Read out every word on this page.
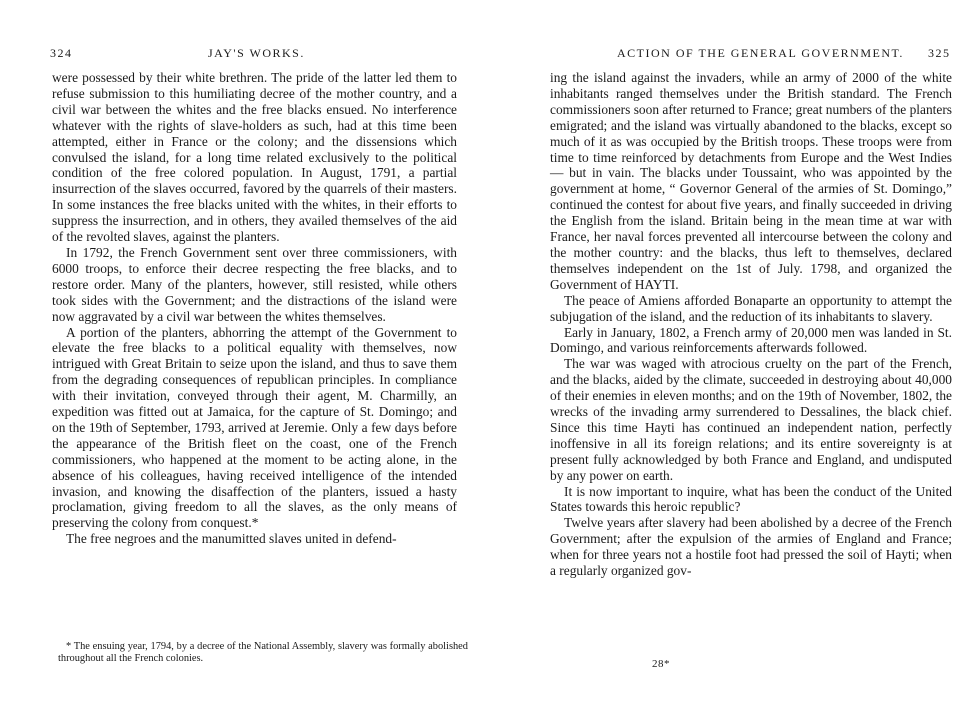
324	JAY'S WORKS.

were possessed by their white brethren. The pride of the latter led them to refuse submission to this humiliating decree of the mother country, and a civil war between the whites and the free blacks ensued. No interference whatever with the rights of slave-holders as such, had at this time been attempted, either in France or the colony; and the dissensions which convulsed the island, for a long time related exclusively to the political condition of the free colored population. In August, 1791, a partial insurrection of the slaves occurred, favored by the quarrels of their masters. In some instances the free blacks united with the whites, in their efforts to suppress the insurrection, and in others, they availed themselves of the aid of the revolted slaves, against the planters.

In 1792, the French Government sent over three commissioners, with 6000 troops, to enforce their decree respecting the free blacks, and to restore order. Many of the planters, however, still resisted, while others took sides with the Government; and the distractions of the island were now aggravated by a civil war between the whites themselves.

A portion of the planters, abhorring the attempt of the Government to elevate the free blacks to a political equality with themselves, now intrigued with Great Britain to seize upon the island, and thus to save them from the degrading consequences of republican principles. In compliance with their invitation, conveyed through their agent, M. Charmilly, an expedition was fitted out at Jamaica, for the capture of St. Domingo; and on the 19th of September, 1793, arrived at Jeremie. Only a few days before the appearance of the British fleet on the coast, one of the French commissioners, who happened at the moment to be acting alone, in the absence of his colleagues, having received intelligence of the intended invasion, and knowing the disaffection of the planters, issued a hasty proclamation, giving freedom to all the slaves, as the only means of preserving the colony from conquest.*

The free negroes and the manumitted slaves united in defend-

* The ensuing year, 1794, by a decree of the National Assembly, slavery was formally abolished throughout all the French colonies.

ACTION OF THE GENERAL GOVERNMENT. 325

ing the island against the invaders, while an army of 2000 of the white inhabitants ranged themselves under the British standard. The French commissioners soon after returned to France; great numbers of the planters emigrated; and the island was virtually abandoned to the blacks, except so much of it as was occupied by the British troops. These troops were from time to time reinforced by detachments from Europe and the West Indies — but in vain. The blacks under Toussaint, who was appointed by the government at home, “ Governor General of the armies of St. Domingo,” continued the contest for about five years, and finally succeeded in driving the English from the island. Britain being in the mean time at war with France, her naval forces prevented all intercourse between the colony and the mother country: and the blacks, thus left to themselves, declared themselves independent on the 1st of July. 1798, and organized the Government of HAYTI.

The peace of Amiens afforded Bonaparte an opportunity to attempt the subjugation of the island, and the reduction of its inhabitants to slavery.

Early in January, 1802, a French army of 20,000 men was landed in St. Domingo, and various reinforcements afterwards followed.

The war was waged with atrocious cruelty on the part of the French, and the blacks, aided by the climate, succeeded in destroying about 40,000 of their enemies in eleven months; and on the 19th of November, 1802, the wrecks of the invading army surrendered to Dessalines, the black chief. Since this time Hayti has continued an independent nation, perfectly inoffensive in all its foreign relations; and its entire sovereignty is at present fully acknowledged by both France and England, and undisputed by any power on earth.

It is now important to inquire, what has been the conduct of the United States towards this heroic republic?

Twelve years after slavery had been abolished by a decree of the French Government; after the expulsion of the armies of England and France; when for three years not a hostile foot had pressed the soil of Hayti; when a regularly organized gov-

28*
